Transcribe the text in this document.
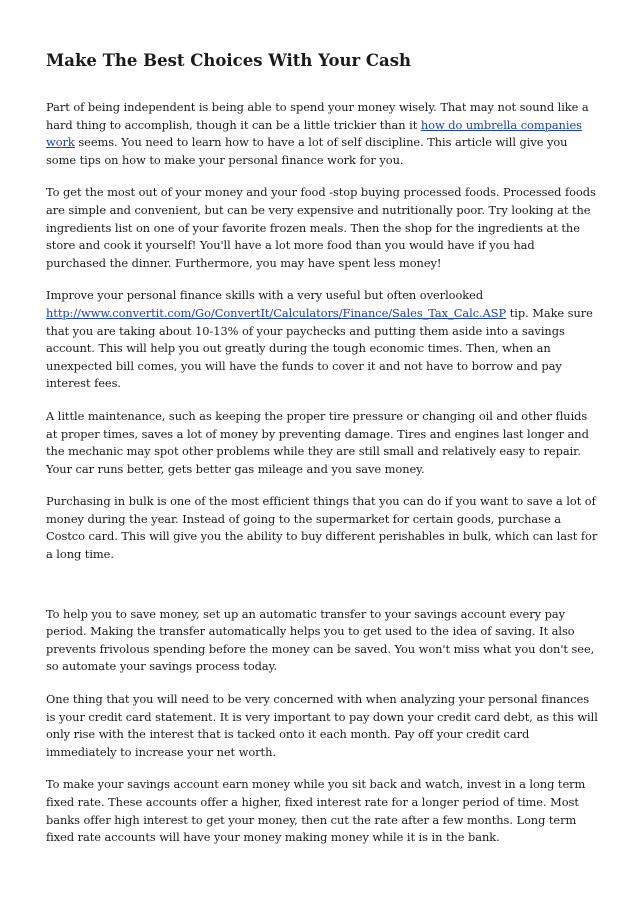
Make The Best Choices With Your Cash

Part of being independent is being able to spend your money wisely. That may not sound like a hard thing to accomplish, though it can be a little trickier than it how do umbrella companies work seems. You need to learn how to have a lot of self discipline. This article will give you some tips on how to make your personal finance work for you.

To get the most out of your money and your food -stop buying processed foods. Processed foods are simple and convenient, but can be very expensive and nutritionally poor. Try looking at the ingredients list on one of your favorite frozen meals. Then the shop for the ingredients at the store and cook it yourself! You'll have a lot more food than you would have if you had purchased the dinner. Furthermore, you may have spent less money!

Improve your personal finance skills with a very useful but often overlooked http://www.convertit.com/Go/ConvertIt/Calculators/Finance/Sales_Tax_Calc.ASP tip. Make sure that you are taking about 10-13% of your paychecks and putting them aside into a savings account. This will help you out greatly during the tough economic times. Then, when an unexpected bill comes, you will have the funds to cover it and not have to borrow and pay interest fees.

A little maintenance, such as keeping the proper tire pressure or changing oil and other fluids at proper times, saves a lot of money by preventing damage. Tires and engines last longer and the mechanic may spot other problems while they are still small and relatively easy to repair. Your car runs better, gets better gas mileage and you save money.

Purchasing in bulk is one of the most efficient things that you can do if you want to save a lot of money during the year. Instead of going to the supermarket for certain goods, purchase a Costco card. This will give you the ability to buy different perishables in bulk, which can last for a long time.

To help you to save money, set up an automatic transfer to your savings account every pay period. Making the transfer automatically helps you to get used to the idea of saving. It also prevents frivolous spending before the money can be saved. You won't miss what you don't see, so automate your savings process today.

One thing that you will need to be very concerned with when analyzing your personal finances is your credit card statement. It is very important to pay down your credit card debt, as this will only rise with the interest that is tacked onto it each month. Pay off your credit card immediately to increase your net worth.

To make your savings account earn money while you sit back and watch, invest in a long term fixed rate. These accounts offer a higher, fixed interest rate for a longer period of time. Most banks offer high interest to get your money, then cut the rate after a few months. Long term fixed rate accounts will have your money making money while it is in the bank.
